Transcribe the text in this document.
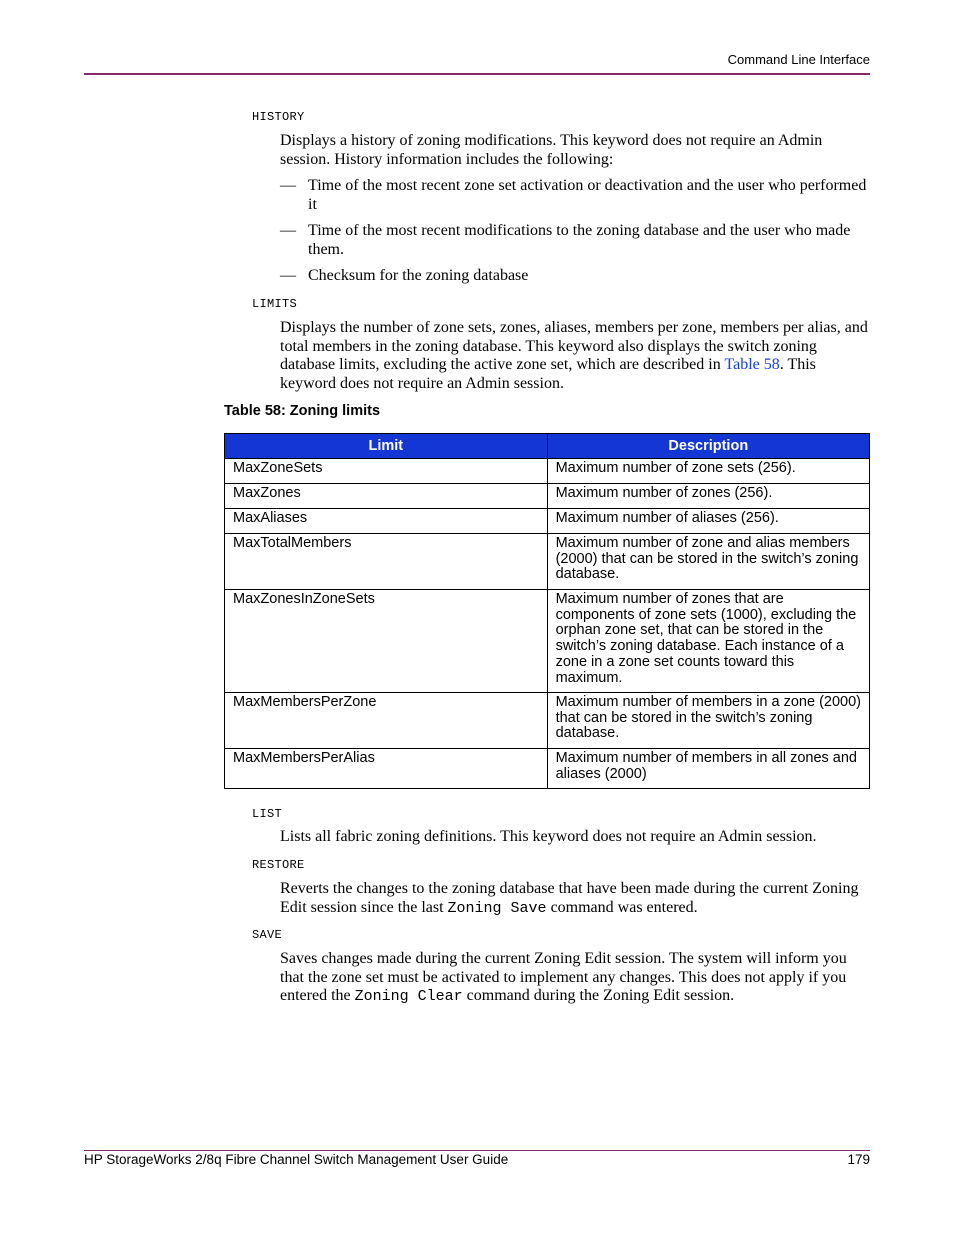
Command Line Interface
HISTORY
Displays a history of zoning modifications. This keyword does not require an Admin session. History information includes the following:
— Time of the most recent zone set activation or deactivation and the user who performed it
— Time of the most recent modifications to the zoning database and the user who made them.
— Checksum for the zoning database
LIMITS
Displays the number of zone sets, zones, aliases, members per zone, members per alias, and total members in the zoning database. This keyword also displays the switch zoning database limits, excluding the active zone set, which are described in Table 58. This keyword does not require an Admin session.
Table 58: Zoning limits
Limit	Description
MaxZoneSets	Maximum number of zone sets (256).
MaxZones	Maximum number of zones (256).
MaxAliases	Maximum number of aliases (256).
MaxTotalMembers	Maximum number of zone and alias members (2000) that can be stored in the switch’s zoning database.
MaxZonesInZoneSets	Maximum number of zones that are components of zone sets (1000), excluding the orphan zone set, that can be stored in the switch’s zoning database. Each instance of a zone in a zone set counts toward this maximum.
MaxMembersPerZone	Maximum number of members in a zone (2000) that can be stored in the switch’s zoning database.
MaxMembersPerAlias	Maximum number of members in all zones and aliases (2000)
LIST
Lists all fabric zoning definitions. This keyword does not require an Admin session.
RESTORE
Reverts the changes to the zoning database that have been made during the current Zoning Edit session since the last Zoning Save command was entered.
SAVE
Saves changes made during the current Zoning Edit session. The system will inform you that the zone set must be activated to implement any changes. This does not apply if you entered the Zoning Clear command during the Zoning Edit session.
HP StorageWorks 2/8q Fibre Channel Switch Management User Guide	179
